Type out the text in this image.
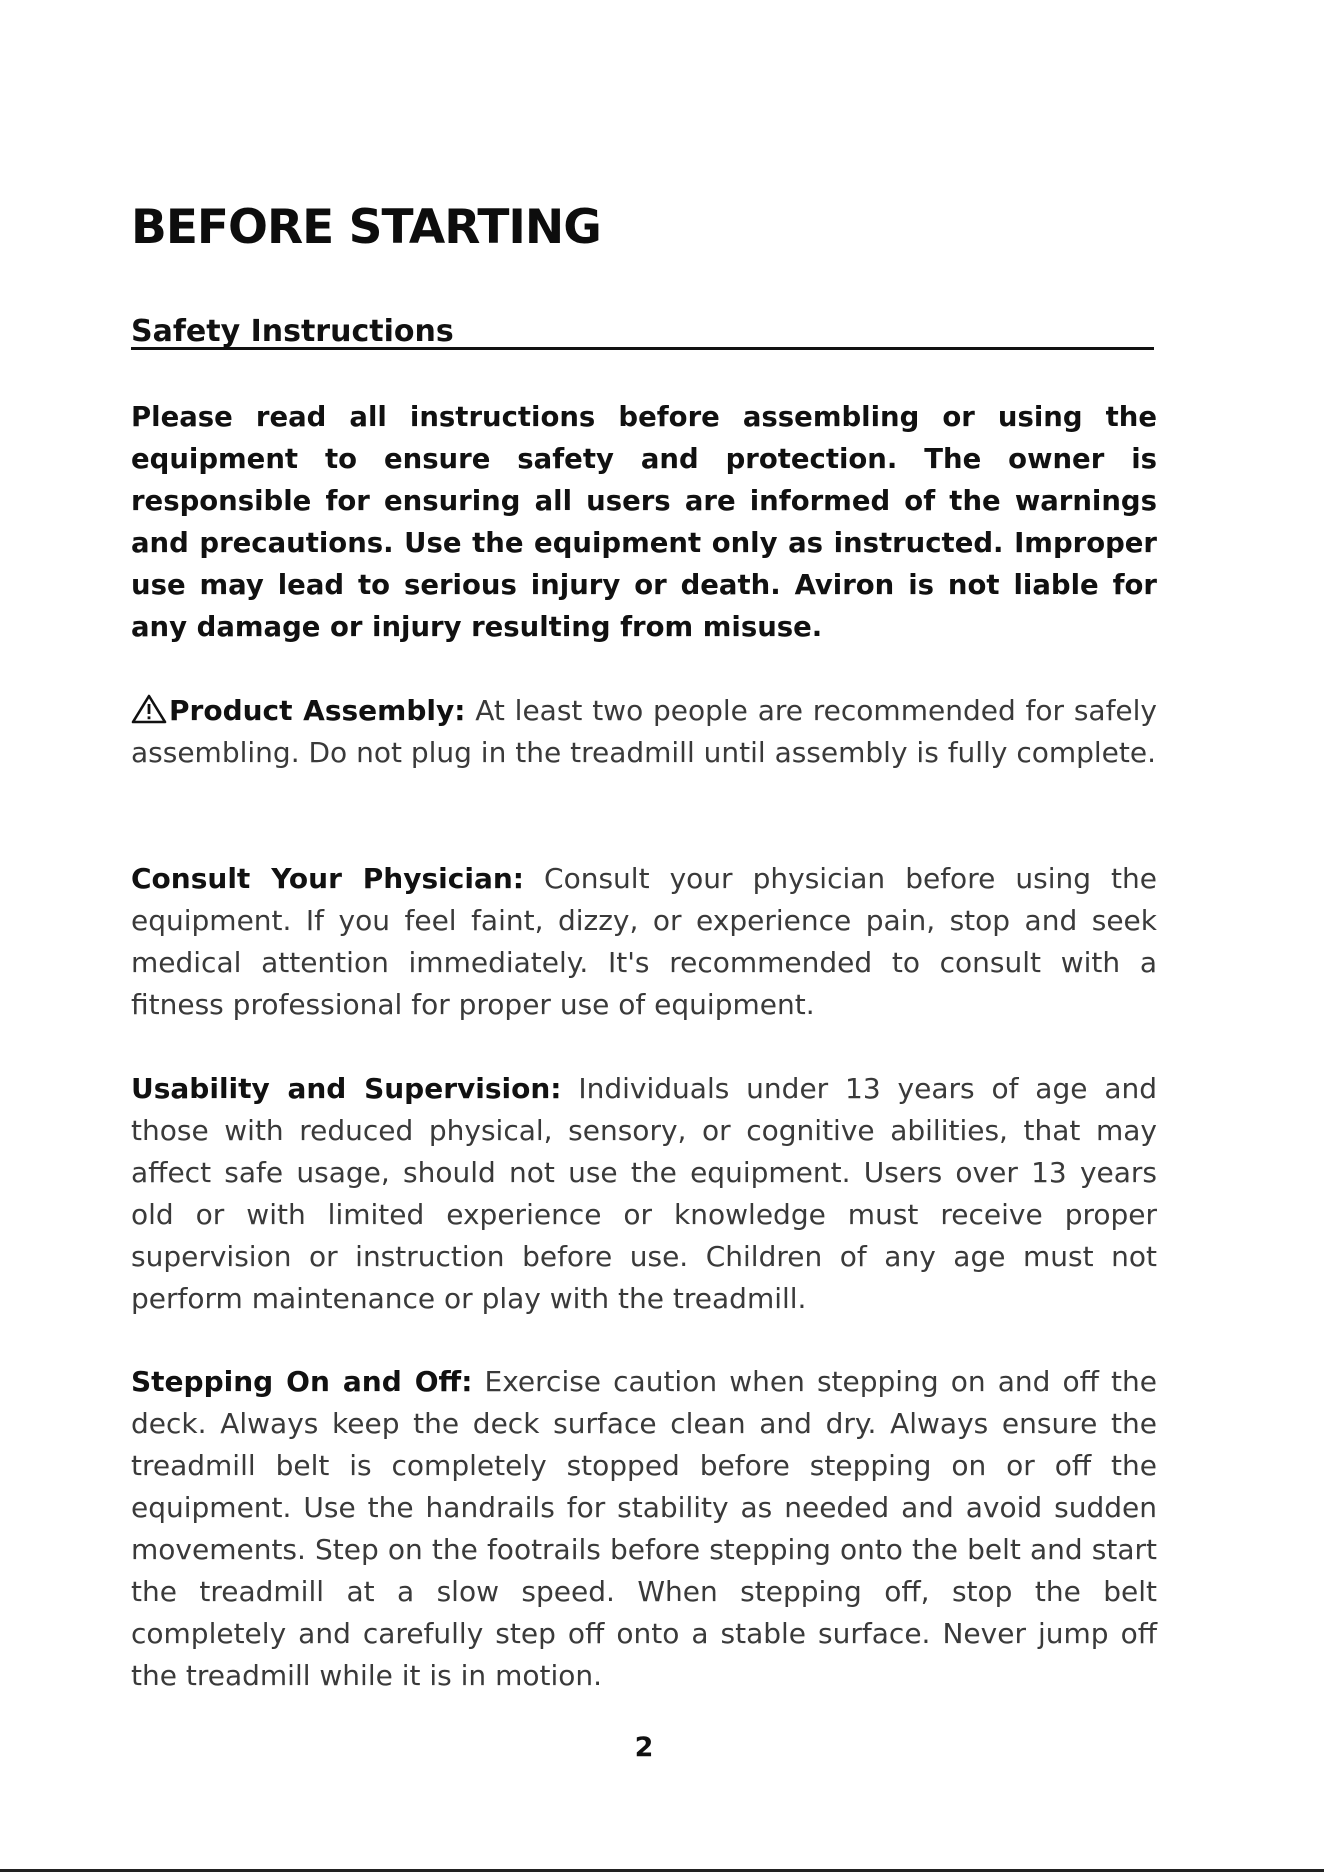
BEFORE STARTING
Safety Instructions

Please read all instructions before assembling or using the equipment to ensure safety and protection. The owner is responsible for ensuring all users are informed of the warnings and precautions. Use the equipment only as instructed. Improper use may lead to serious injury or death. Aviron is not liable for any damage or injury resulting from misuse.

Product Assembly: At least two people are recommended for safely assembling. Do not plug in the treadmill until assembly is fully complete.

Consult Your Physician: Consult your physician before using the equipment. If you feel faint, dizzy, or experience pain, stop and seek medical attention immediately. It's recommended to consult with a fitness professional for proper use of equipment.

Usability and Supervision: Individuals under 13 years of age and those with reduced physical, sensory, or cognitive abilities, that may affect safe usage, should not use the equipment. Users over 13 years old or with limited experience or knowledge must receive proper supervision or instruction before use. Children of any age must not perform maintenance or play with the treadmill.

Stepping On and Off: Exercise caution when stepping on and off the deck. Always keep the deck surface clean and dry. Always ensure the treadmill belt is completely stopped before stepping on or off the equipment. Use the handrails for stability as needed and avoid sudden movements. Step on the footrails before stepping onto the belt and start the treadmill at a slow speed. When stepping off, stop the belt completely and carefully step off onto a stable surface. Never jump off the treadmill while it is in motion.

2
